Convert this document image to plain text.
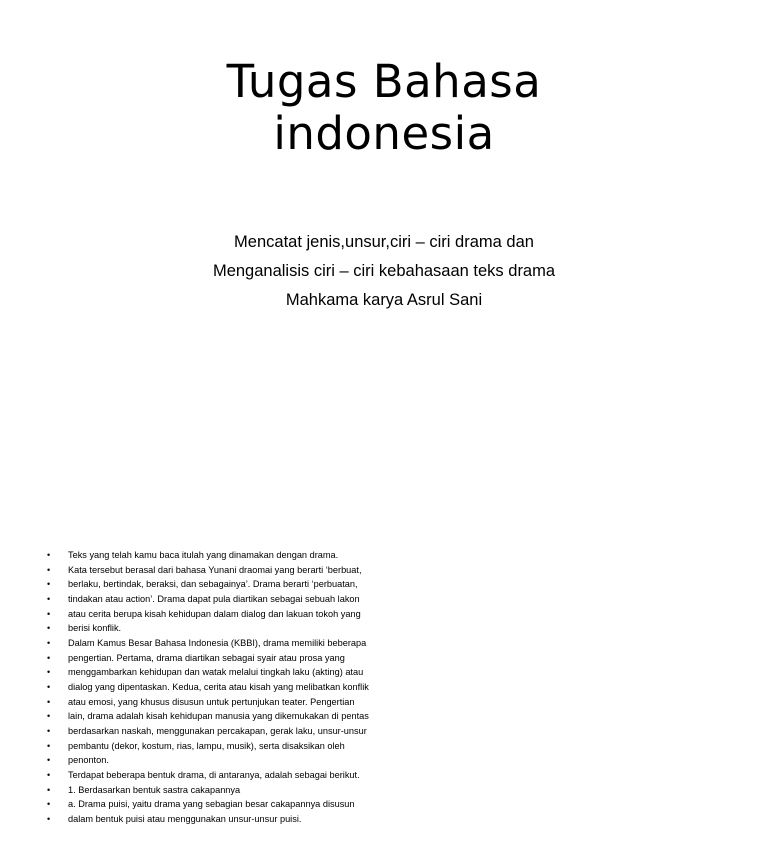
Tugas Bahasa
indonesia
Mencatat jenis,unsur,ciri – ciri drama dan
Menganalisis ciri – ciri kebahasaan teks drama
Mahkama karya Asrul Sani
• Teks yang telah kamu baca itulah yang dinamakan dengan drama.
• Kata tersebut berasal dari bahasa Yunani draomai yang berarti ‘berbuat,
• berlaku, bertindak, beraksi, dan sebagainya’. Drama berarti ‘perbuatan,
• tindakan atau action’. Drama dapat pula diartikan sebagai sebuah lakon
• atau cerita berupa kisah kehidupan dalam dialog dan lakuan tokoh yang
• berisi konflik.
• Dalam Kamus Besar Bahasa Indonesia (KBBI), drama memiliki beberapa
• pengertian. Pertama, drama diartikan sebagai syair atau prosa yang
• menggambarkan kehidupan dan watak melalui tingkah laku (akting) atau
• dialog yang dipentaskan. Kedua, cerita atau kisah yang melibatkan konflik
• atau emosi, yang khusus disusun untuk pertunjukan teater. Pengertian
• lain, drama adalah kisah kehidupan manusia yang dikemukakan di pentas
• berdasarkan naskah, menggunakan percakapan, gerak laku, unsur-unsur
• pembantu (dekor, kostum, rias, lampu, musik), serta disaksikan oleh
• penonton.
• Terdapat beberapa bentuk drama, di antaranya, adalah sebagai berikut.
• 1. Berdasarkan bentuk sastra cakapannya
• a. Drama puisi, yaitu drama yang sebagian besar cakapannya disusun
• dalam bentuk puisi atau menggunakan unsur-unsur puisi.
